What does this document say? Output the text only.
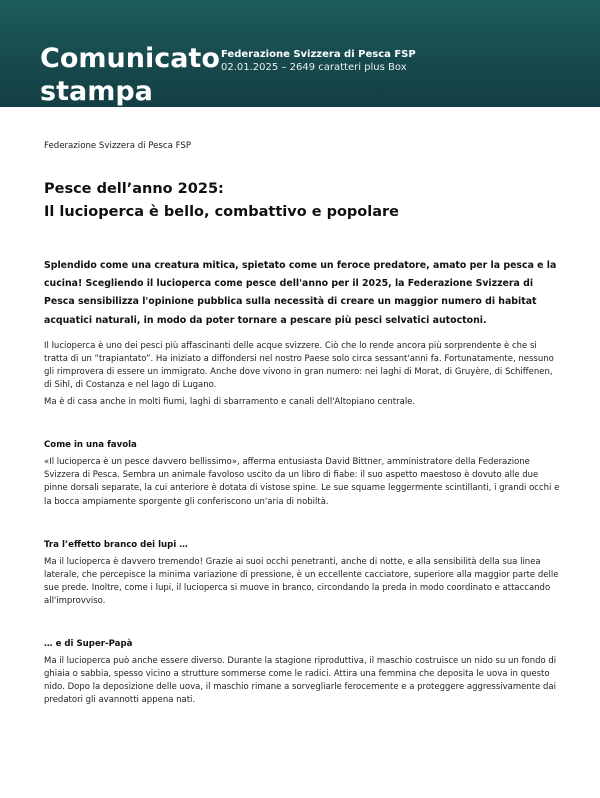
Comunicato stampa
Federazione Svizzera di Pesca FSP
02.01.2025 – 2649 caratteri plus Box

Federazione Svizzera di Pesca FSP

Pesce dell’anno 2025:
Il lucioperca è bello, combattivo e popolare

Splendido come una creatura mitica, spietato come un feroce predatore, amato per la pesca e la cucina! Scegliendo il lucioperca come pesce dell'anno per il 2025, la Federazione Svizzera di Pesca sensibilizza l'opinione pubblica sulla necessità di creare un maggior numero di habitat acquatici naturali, in modo da poter tornare a pescare più pesci selvatici autoctoni.

Il lucioperca è uno dei pesci più affascinanti delle acque svizzere. Ciò che lo rende ancora più sorprendente è che si tratta di un “trapiantato”. Ha iniziato a diffondersi nel nostro Paese solo circa sessant'anni fa. Fortunatamente, nessuno gli rimprovera di essere un immigrato. Anche dove vivono in gran numero: nei laghi di Morat, di Gruyère, di Schiffenen, di Sihl, di Costanza e nel lago di Lugano.

Ma è di casa anche in molti fiumi, laghi di sbarramento e canali dell'Altopiano centrale.

Come in una favola

«Il lucioperca è un pesce davvero bellissimo», afferma entusiasta David Bittner, amministratore della Federazione Svizzera di Pesca. Sembra un animale favoloso uscito da un libro di fiabe: il suo aspetto maestoso è dovuto alle due pinne dorsali separate, la cui anteriore è dotata di vistose spine. Le sue squame leggermente scintillanti, i grandi occhi e la bocca ampiamente sporgente gli conferiscono un'aria di nobiltà.

Tra l’effetto branco dei lupi …

Ma il lucioperca è davvero tremendo! Grazie ai suoi occhi penetranti, anche di notte, e alla sensibilità della sua linea laterale, che percepisce la minima variazione di pressione, è un eccellente cacciatore, superiore alla maggior parte delle sue prede. Inoltre, come i lupi, il lucioperca si muove in branco, circondando la preda in modo coordinato e attaccando all'improvviso.

… e di Super-Papà

Ma il lucioperca può anche essere diverso. Durante la stagione riproduttiva, il maschio costruisce un nido su un fondo di ghiaia o sabbia, spesso vicino a strutture sommerse come le radici. Attira una femmina che deposita le uova in questo nido. Dopo la deposizione delle uova, il maschio rimane a sorvegliarle ferocemente e a proteggere aggressivamente dai predatori gli avannotti appena nati.
